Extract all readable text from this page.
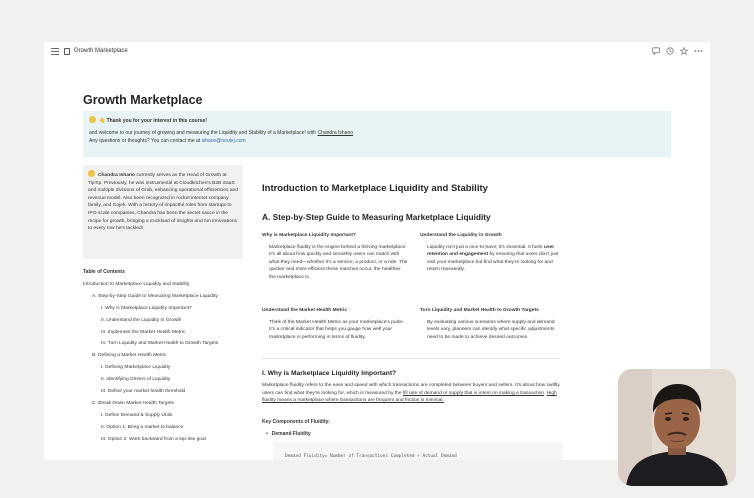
Growth Marketplace
Growth Marketplace
👋 Thank you for your interest in this course!
and welcome to our journey of growing and measuring the Liquidity and Stability of a Marketplace! with Chandra Ishano
Any questions or thoughts? You can contact me at ishano@noulej.com
Chandra Ishano currently serves as the Head of Growth at TipTip. Previously, he was instrumental at Cloudkitchen's B2B SaaS and multiple divisions of Grab, enhancing operational efficiencies and revenue model. Also been recognized in rocket internet company family, and Gojek. With a history of impactful roles from startups to IPO-scale companies, Chandra has been the secret sauce in the recipe for growth, bringing a truckload of insights and fun innovations to every row he's tackled!
Table of Contents
Introduction to Marketplace Liquidity and Stability
A. Step-by-Step Guide to Measuring Marketplace Liquidity
I. Why is Marketplace Liquidity Important?
II. Understand the Liquidity in Growth
III. Implement the Market Health Metric
IV. Turn Liquidity and Market Health to Growth Targets
B. Defining a Market Health Metric
I. Defining Marketplace Liquidity
II. Identifying Drivers of Liquidity
III. Define your market health threshold
C. Break Down Market Health Targets
I. Define Demand & Supply Units
II. Option 1: Bring a market to balance
III. Option 2: Work backward from a top-line goal
Introduction to Marketplace Liquidity and Stability
A. Step-by-Step Guide to Measuring Marketplace Liquidity
Why is Marketplace Liquidity Important?

Marketplace fluidity is the engine behind a thriving marketplace. It's all about how quickly and smoothly users can match with what they need—whether it's a service, a product, or a ride. The quicker and more efficient these matches occur, the healthier the marketplace is.

Understand the Liquidity in Growth

Liquidity isn't just a nice-to-have; it's essential. It fuels user retention and engagement by ensuring that users don't just visit your marketplace but find what they're looking for and return repeatedly.

Understand the Market Health Metric

Think of the Market Health Metric as your marketplace's pulse. It's a critical indicator that helps you gauge how well your marketplace is performing in terms of fluidity.

Turn Liquidity and Market Health to Growth Targets

By evaluating various scenarios where supply and demand levels vary, planners can identify what specific adjustments need to be made to achieve desired outcomes.

I. Why is Marketplace Liquidity Important?
Marketplace fluidity refers to the ease and speed with which transactions are completed between buyers and sellers. It's about how swiftly users can find what they're looking for, which is measured by the fill rate of demand or supply that is intent on making a transaction. High fluidity means a marketplace where transactions are frequent and friction is minimal.
Key Components of Fluidity:
• Demand Fluidity
Demand Fluidity= Number of Transactions Completed ÷ Actual Demand
